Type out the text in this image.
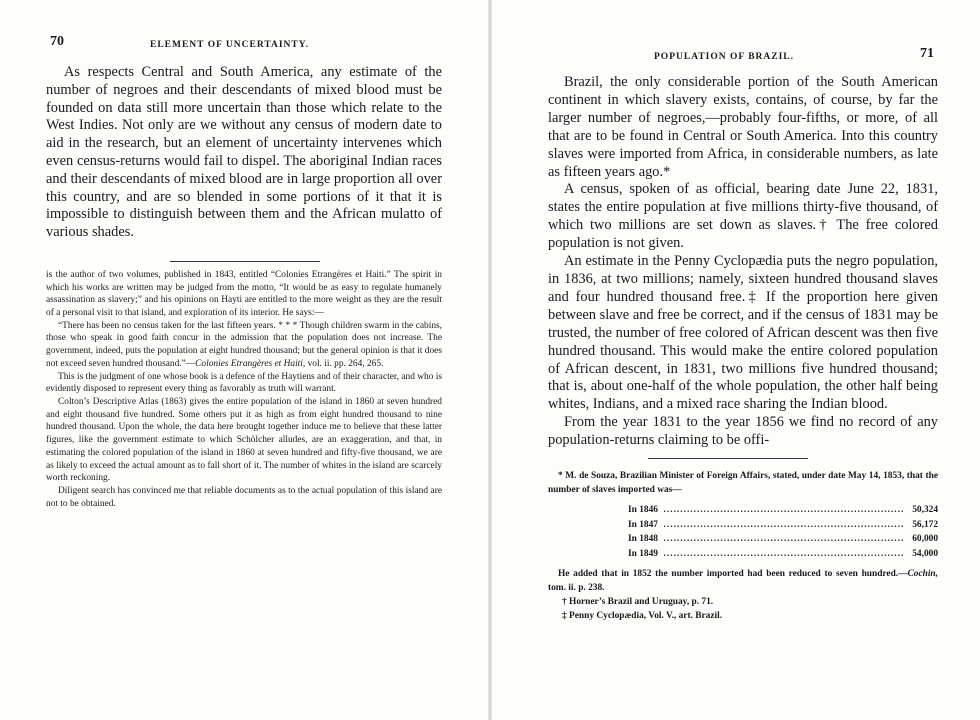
70	ELEMENT OF UNCERTAINTY.

As respects Central and South America, any estimate of the number of negroes and their descendants of mixed blood must be founded on data still more uncertain than those which relate to the West Indies. Not only are we without any census of modern date to aid in the research, but an element of uncertainty intervenes which even census-returns would fail to dispel. The aboriginal Indian races and their descendants of mixed blood are in large proportion all over this country, and are so blended in some portions of it that it is impossible to distinguish between them and the African mulatto of various shades.

is the author of two volumes, published in 1843, entitled “Colonies Etrangères et Haiti.” The spirit in which his works are written may be judged from the motto, “It would be as easy to regulate humanely assassination as slavery;” and his opinions on Hayti are entitled to the more weight as they are the result of a personal visit to that island, and exploration of its interior. He says:—

“There has been no census taken for the last fifteen years. * * * Though children swarm in the cabins, those who speak in good faith concur in the admission that the population does not increase. The government, indeed, puts the population at eight hundred thousand; but the general opinion is that it does not exceed seven hundred thousand.”—Colonies Etrangères et Haiti, vol. ii. pp. 264, 265.

This is the judgment of one whose book is a defence of the Haytiens and of their character, and who is evidently disposed to represent every thing as favorably as truth will warrant.

Colton’s Descriptive Atlas (1863) gives the entire population of the island in 1860 at seven hundred and eight thousand five hundred. Some others put it as high as from eight hundred thousand to nine hundred thousand. Upon the whole, the data here brought together induce me to believe that these latter figures, like the government estimate to which Schölcher alludes, are an exaggeration, and that, in estimating the colored population of the island in 1860 at seven hundred and fifty-five thousand, we are as likely to exceed the actual amount as to fall short of it. The number of whites in the island are scarcely worth reckoning.

Diligent search has convinced me that reliable documents as to the actual population of this island are not to be obtained.

POPULATION OF BRAZIL.	71

Brazil, the only considerable portion of the South American continent in which slavery exists, contains, of course, by far the larger number of negroes,—probably four-fifths, or more, of all that are to be found in Central or South America. Into this country slaves were imported from Africa, in considerable numbers, as late as fifteen years ago.*

A census, spoken of as official, bearing date June 22, 1831, states the entire population at five millions thirty-five thousand, of which two millions are set down as slaves.† The free colored population is not given.

An estimate in the Penny Cyclopædia puts the negro population, in 1836, at two millions; namely, sixteen hundred thousand slaves and four hundred thousand free.‡ If the proportion here given between slave and free be correct, and if the census of 1831 may be trusted, the number of free colored of African descent was then five hundred thousand. This would make the entire colored population of African descent, in 1831, two millions five hundred thousand; that is, about one-half of the whole population, the other half being whites, Indians, and a mixed race sharing the Indian blood.

From the year 1831 to the year 1856 we find no record of any population-returns claiming to be offi-

* M. de Souza, Brazilian Minister of Foreign Affairs, stated, under date May 14, 1853, that the number of slaves imported was—

In 1846	........................................................................	50,324
In 1847	........................................................................	56,172
In 1848	........................................................................	60,000
In 1849	........................................................................	54,000

He added that in 1852 the number imported had been reduced to seven hundred.—Cochin, tom. ii. p. 238.

† Horner’s Brazil and Uruguay, p. 71.

‡ Penny Cyclopædia, Vol. V., art. Brazil.
